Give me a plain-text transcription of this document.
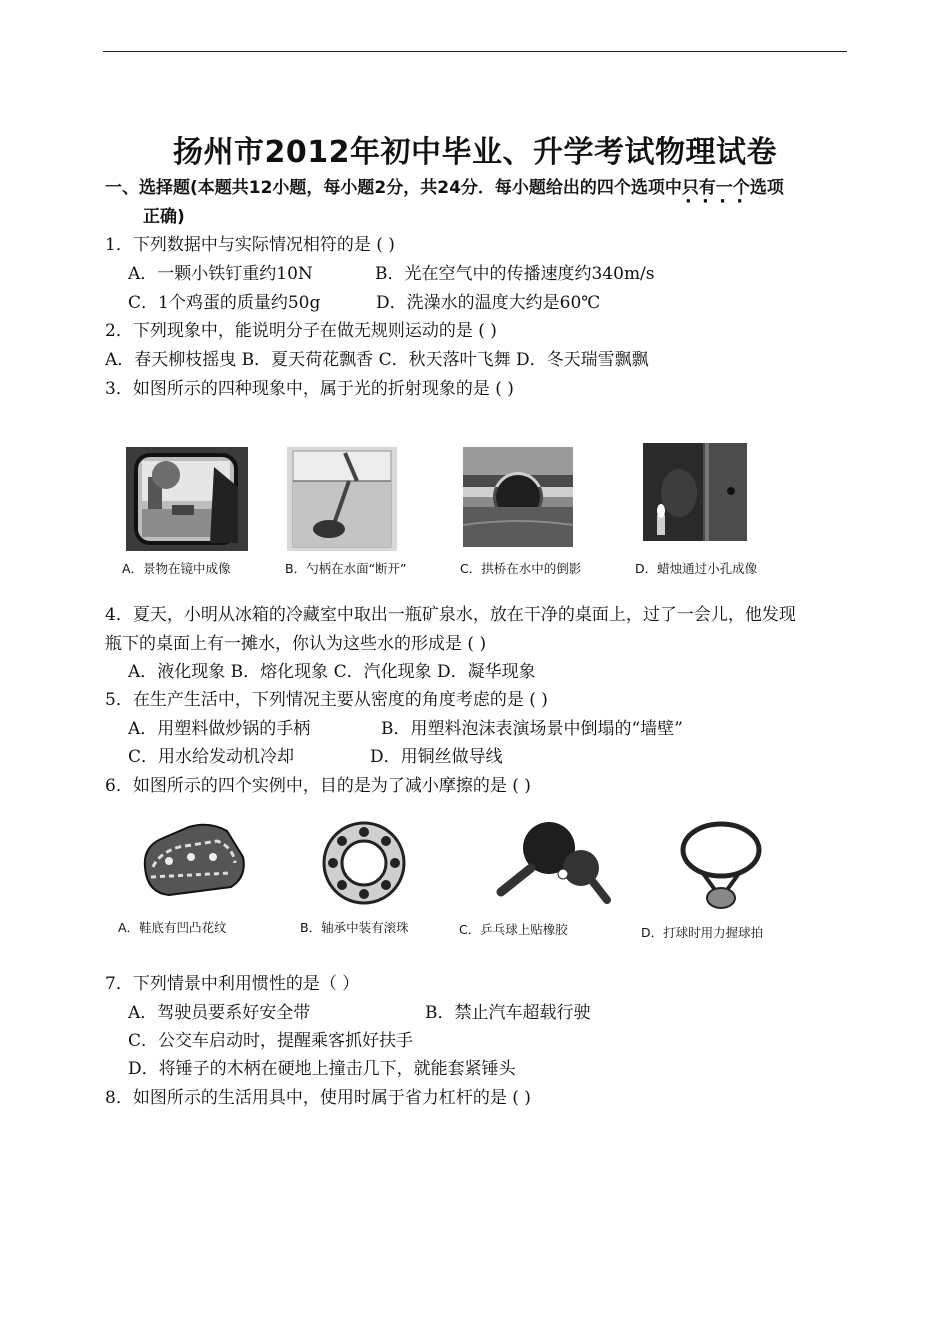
扬州市2012年初中毕业、升学考试物理试卷
一、选择题(本题共12小题，每小题2分，共24分．每小题给出的四个选项中只有一个 · · 选项
正确)
1．下列数据中与实际情况相符的是 ( )
A．一颗小铁钉重约10N	B．光在空气中的传播速度约340m/s
C．1个鸡蛋的质量约50g	D．洗澡水的温度大约是60℃
2．下列现象中，能说明分子在做无规则运动的是 ( )
A．春天柳枝摇曳 B．夏天荷花飘香 C．秋天落叶飞舞 D．冬天瑞雪飘飘
3．如图所示的四种现象中，属于光的折射现象的是 ( )
A．景物在镜中成像	B．勺柄在水面“断开”	C．拱桥在水中的倒影	D．蜡烛通过小孔成像
4．夏天，小明从冰箱的冷藏室中取出一瓶矿泉水，放在干净的桌面上，过了一会儿，他发现
瓶下的桌面上有一摊水，你认为这些水的形成是 ( )
A．液化现象 B．熔化现象 C．汽化现象 D．凝华现象
5．在生产生活中，下列情况主要从密度的角度考虑的是 ( )
A．用塑料做炒锅的手柄	B．用塑料泡沫表演场景中倒塌的“墙壁”
C．用水给发动机冷却	D．用铜丝做导线
6．如图所示的四个实例中，目的是为了减小摩擦的是 ( )
A．鞋底有凹凸花纹	B．轴承中装有滚珠	C．乒乓球上贴橡胶	D．打球时用力握球拍
7．下列情景中利用惯性的是（ ）
A．驾驶员要系好安全带	B．禁止汽车超载行驶
C．公交车启动时，提醒乘客抓好扶手
D．将锤子的木柄在硬地上撞击几下，就能套紧锤头
8．如图所示的生活用具中，使用时属于省力杠杆的是 ( )
